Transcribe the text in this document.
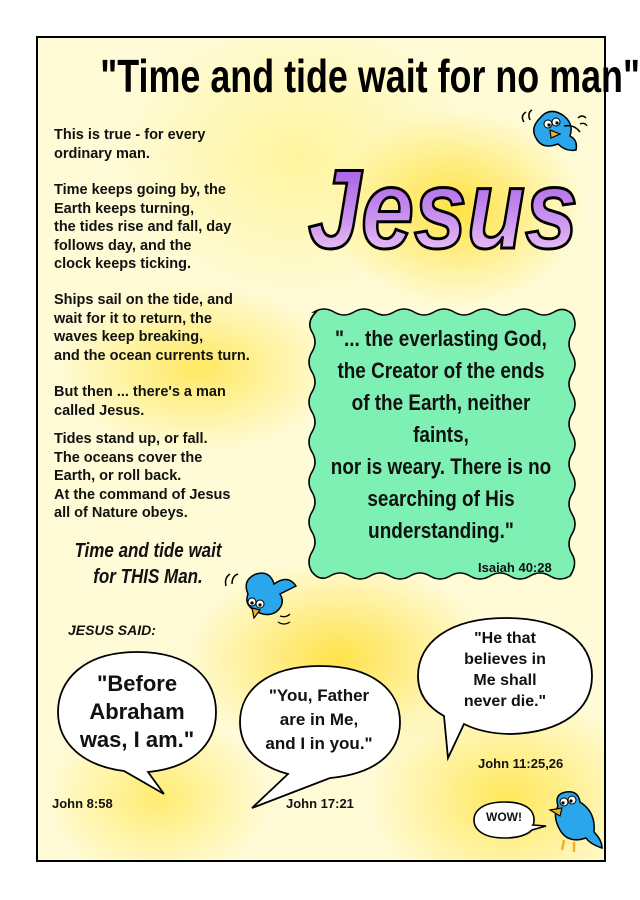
"Time and tide wait for no man"
This is true - for every
ordinary man.
Time keeps going by, the
Earth keeps turning,
the tides rise and fall, day
follows day, and the
clock keeps ticking.
Ships sail on the tide, and
wait for it to return, the
waves keep breaking,
and the ocean currents turn.
But then ... there's a man
called Jesus.
Tides stand up, or fall.
The oceans cover the
Earth, or roll back.
At the command of Jesus
all of Nature obeys.
Jesus
"... the everlasting God,
the Creator of the ends
of the Earth, neither faints,
nor is weary. There is no
searching of His
understanding."
Isaiah 40:28
Time and tide wait
for THIS Man.
JESUS SAID:
"Before
Abraham
was, I am."
John 8:58
"You, Father
are in Me,
and I in you."
John 17:21
"He that
believes in
Me shall
never die."
John 11:25,26
WOW!
